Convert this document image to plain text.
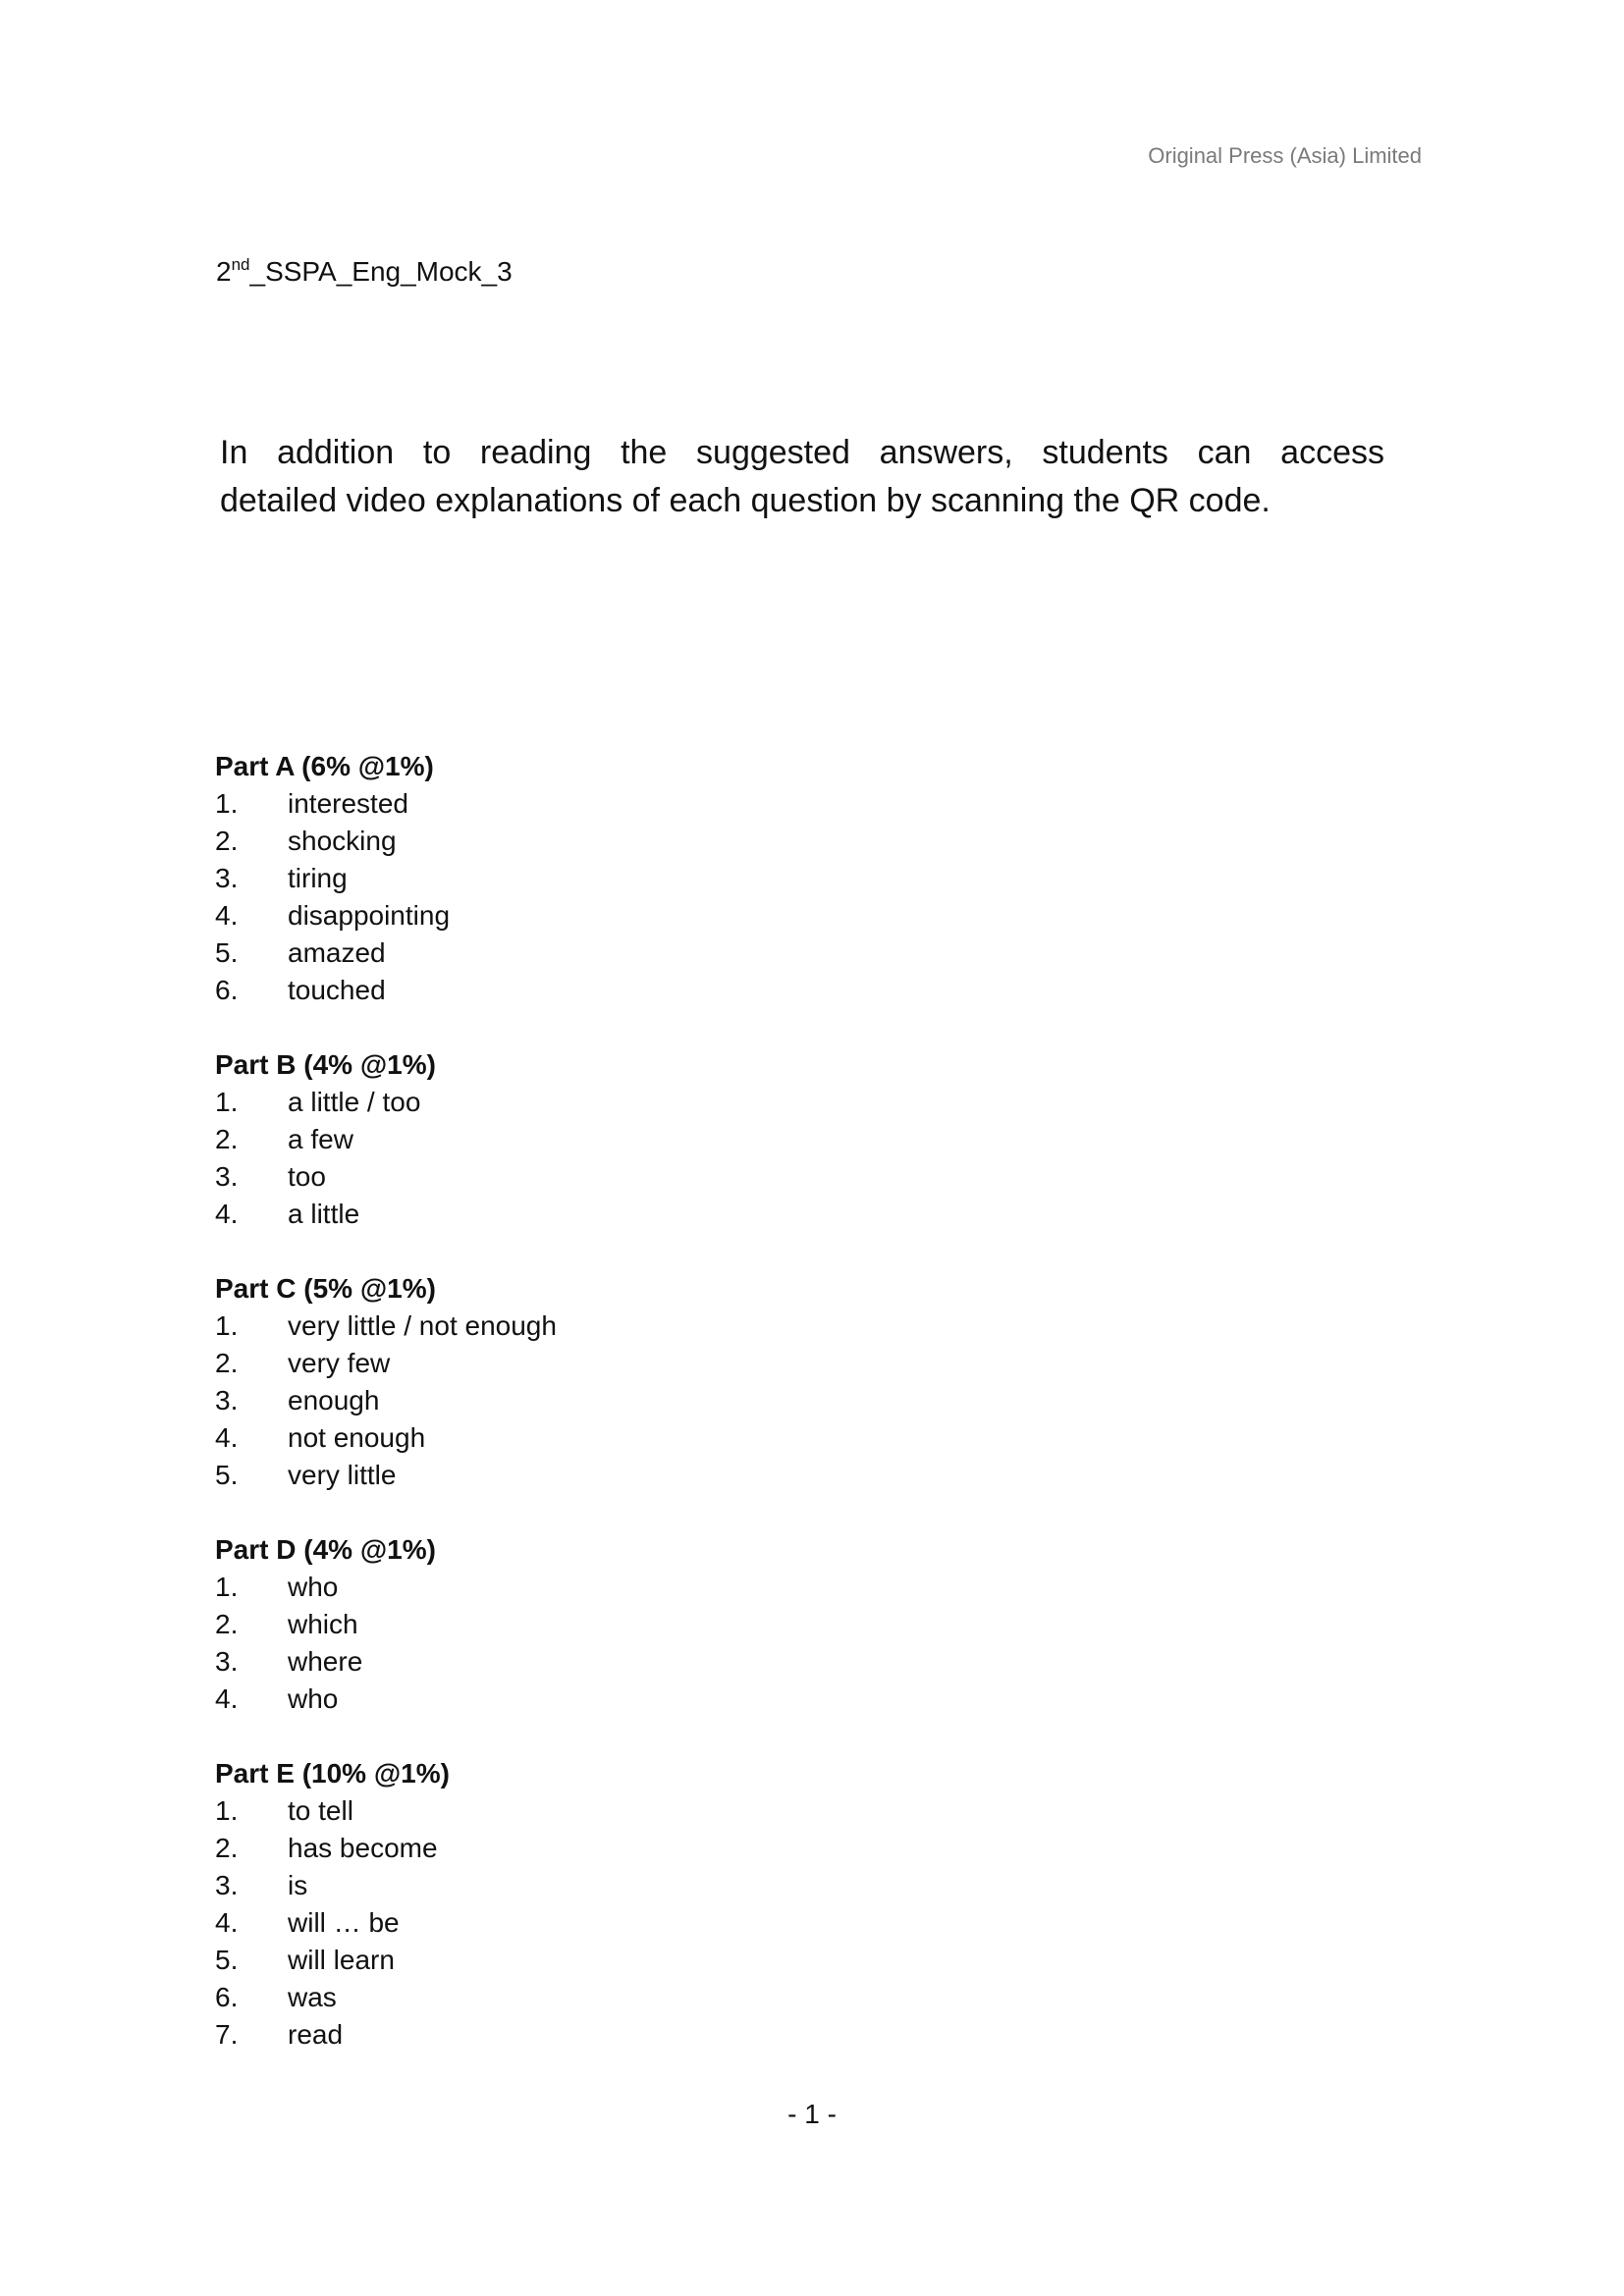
Original Press (Asia) Limited
2nd_SSPA_Eng_Mock_3

In addition to reading the suggested answers, students can access
detailed video explanations of each question by scanning the QR code.

Part A (6% @1%)
1.	interested
2.	shocking
3.	tiring
4.	disappointing
5.	amazed
6.	touched
Part B (4% @1%)
1.	a little / too
2.	a few
3.	too
4.	a little
Part C (5% @1%)
1.	very little / not enough
2.	very few
3.	enough
4.	not enough
5.	very little
Part D (4% @1%)
1.	who
2.	which
3.	where
4.	who
Part E (10% @1%)
1.	to tell
2.	has become
3.	is
4.	will … be
5.	will learn
6.	was
7.	read
- 1 -
